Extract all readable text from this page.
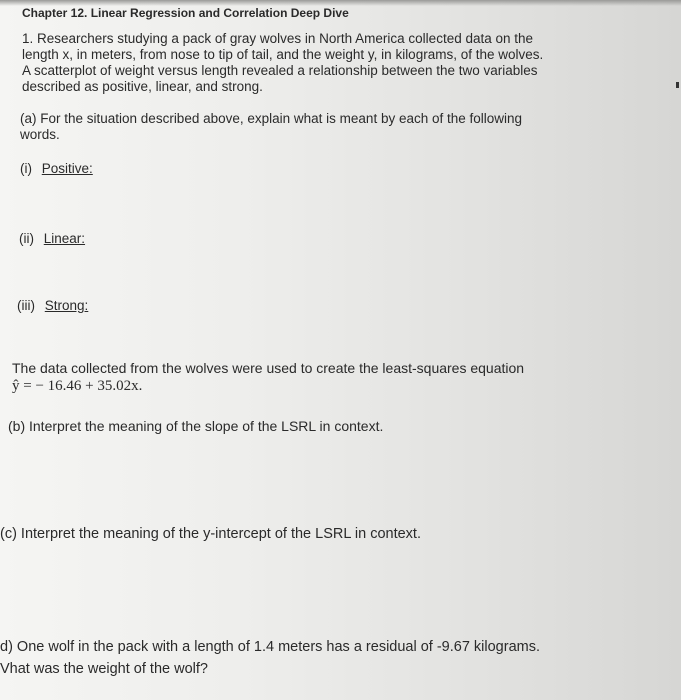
Chapter 12. Linear Regression and Correlation Deep Dive
1. Researchers studying a pack of gray wolves in North America collected data on the
length x, in meters, from nose to tip of tail, and the weight y, in kilograms, of the wolves.
A scatterplot of weight versus length revealed a relationship between the two variables
described as positive, linear, and strong.
(a) For the situation described above, explain what is meant by each of the following
words.
(i) Positive:
(ii) Linear:
(iii) Strong:
The data collected from the wolves were used to create the least-squares equation
ŷ = − 16.46 + 35.02x.
(b) Interpret the meaning of the slope of the LSRL in context.
(c) Interpret the meaning of the y-intercept of the LSRL in context.
d) One wolf in the pack with a length of 1.4 meters has a residual of -9.67 kilograms.
Vhat was the weight of the wolf?
